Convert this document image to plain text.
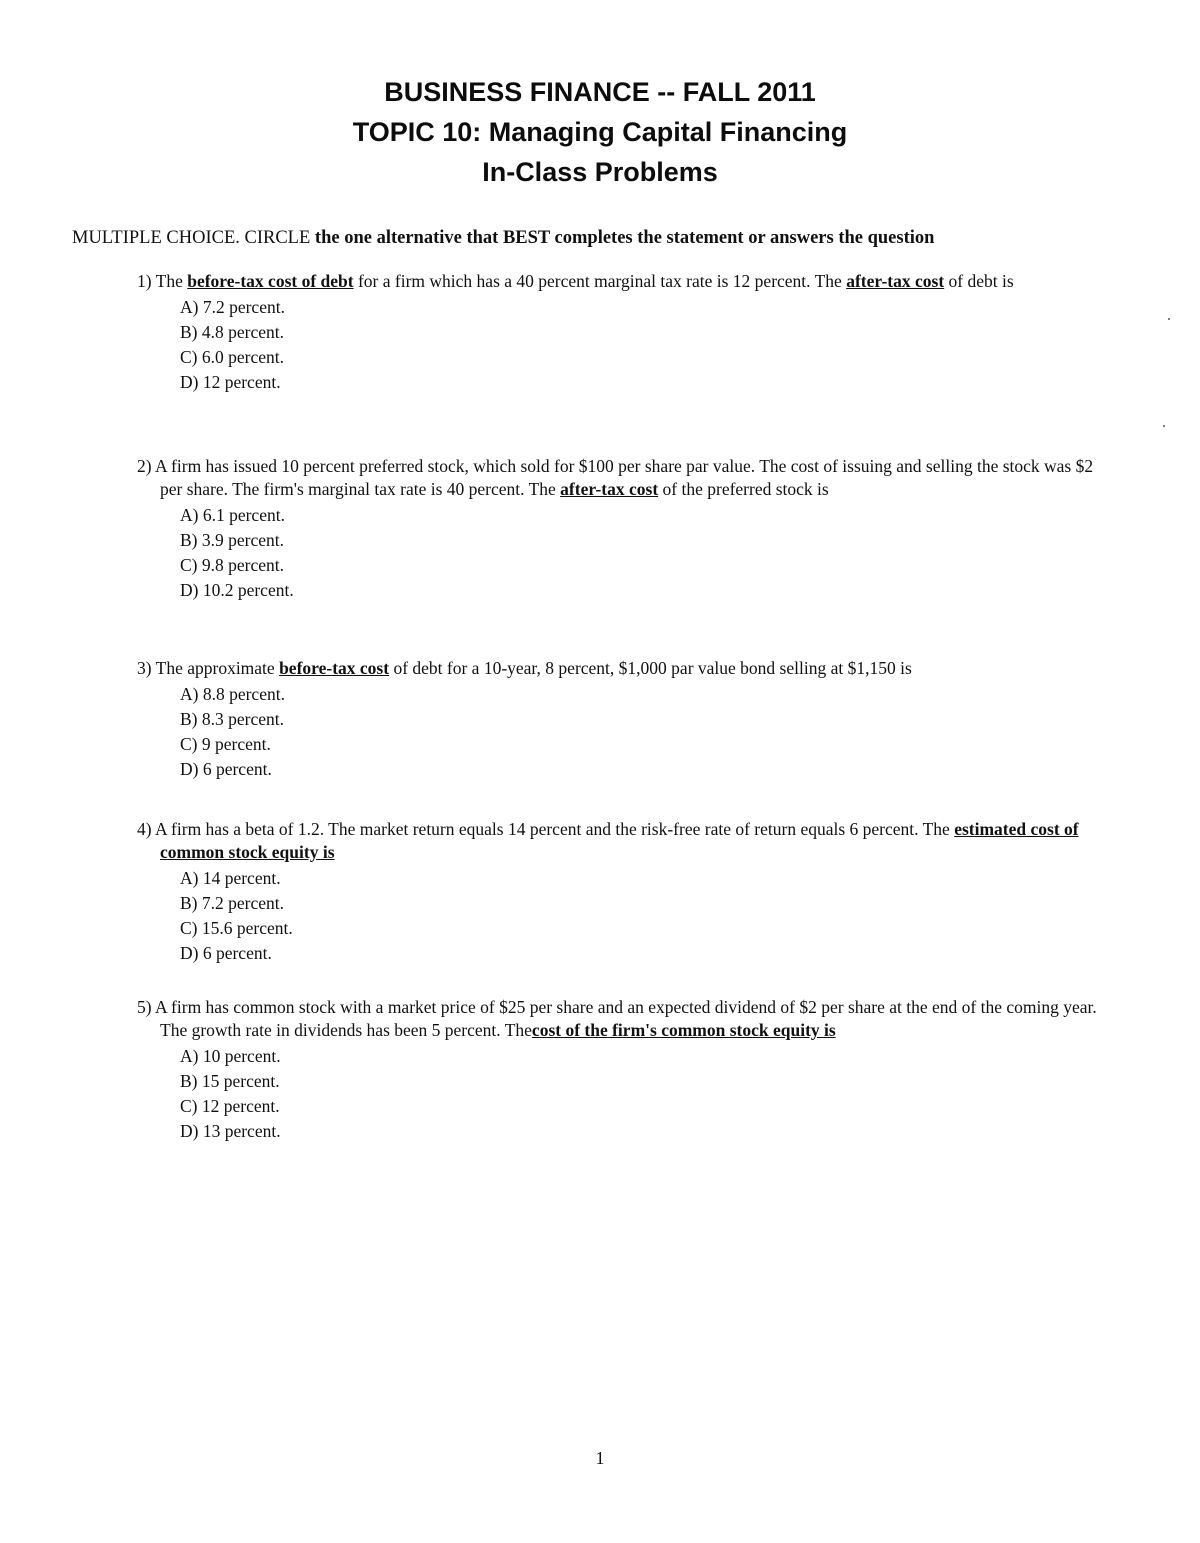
BUSINESS FINANCE -- FALL 2011
TOPIC 10: Managing Capital Financing
In-Class Problems
MULTIPLE CHOICE. CIRCLE the one alternative that BEST completes the statement or answers the question
1) The before-tax cost of debt for a firm which has a 40 percent marginal tax rate is 12 percent. The after-tax cost of debt is
A) 7.2 percent.
B) 4.8 percent.
C) 6.0 percent.
D) 12 percent.
2) A firm has issued 10 percent preferred stock, which sold for $100 per share par value. The cost of issuing and selling the stock was $2 per share. The firm's marginal tax rate is 40 percent. The after-tax cost of the preferred stock is
A) 6.1 percent.
B) 3.9 percent.
C) 9.8 percent.
D) 10.2 percent.
3) The approximate before-tax cost of debt for a 10-year, 8 percent, $1,000 par value bond selling at $1,150 is
A) 8.8 percent.
B) 8.3 percent.
C) 9 percent.
D) 6 percent.
4) A firm has a beta of 1.2. The market return equals 14 percent and the risk-free rate of return equals 6 percent. The estimated cost of common stock equity is
A) 14 percent.
B) 7.2 percent.
C) 15.6 percent.
D) 6 percent.
5) A firm has common stock with a market price of $25 per share and an expected dividend of $2 per share at the end of the coming year. The growth rate in dividends has been 5 percent. Thecost of the firm's common stock equity is
A) 10 percent.
B) 15 percent.
C) 12 percent.
D) 13 percent.
1
